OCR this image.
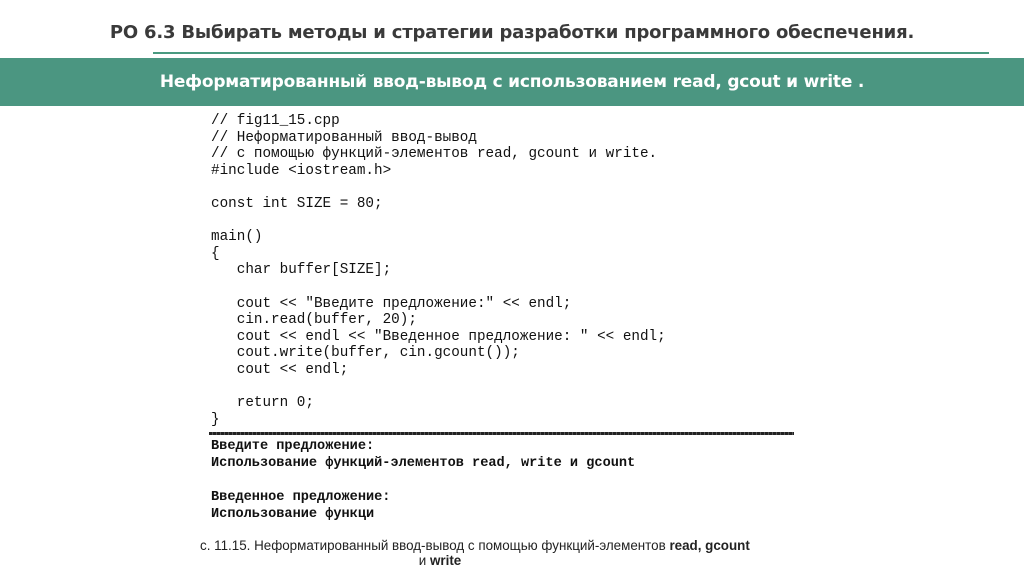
РО 6.3 Выбирать методы и стратегии разработки программного обеспечения.
Неформатированный ввод-вывод с использованием read, gcout и write .
// fig11_15.cpp
// Неформатированный ввод-вывод
// с помощью функций-элементов read, gcount и write.
#include <iostream.h>

const int SIZE = 80;

main()
{
char buffer[SIZE];

cout << "Введите предложение:" << endl;
cin.read(buffer, 20);
cout << endl << "Введенное предложение: " << endl;
cout.write(buffer, cin.gcount());
cout << endl;

return 0;
}
Введите предложение:
Использование функций-элементов read, write и gcount

Введенное предложение:
Использование функци
с. 11.15. Неформатированный ввод-вывод с помощью функций-элементов read, gcount
и write
